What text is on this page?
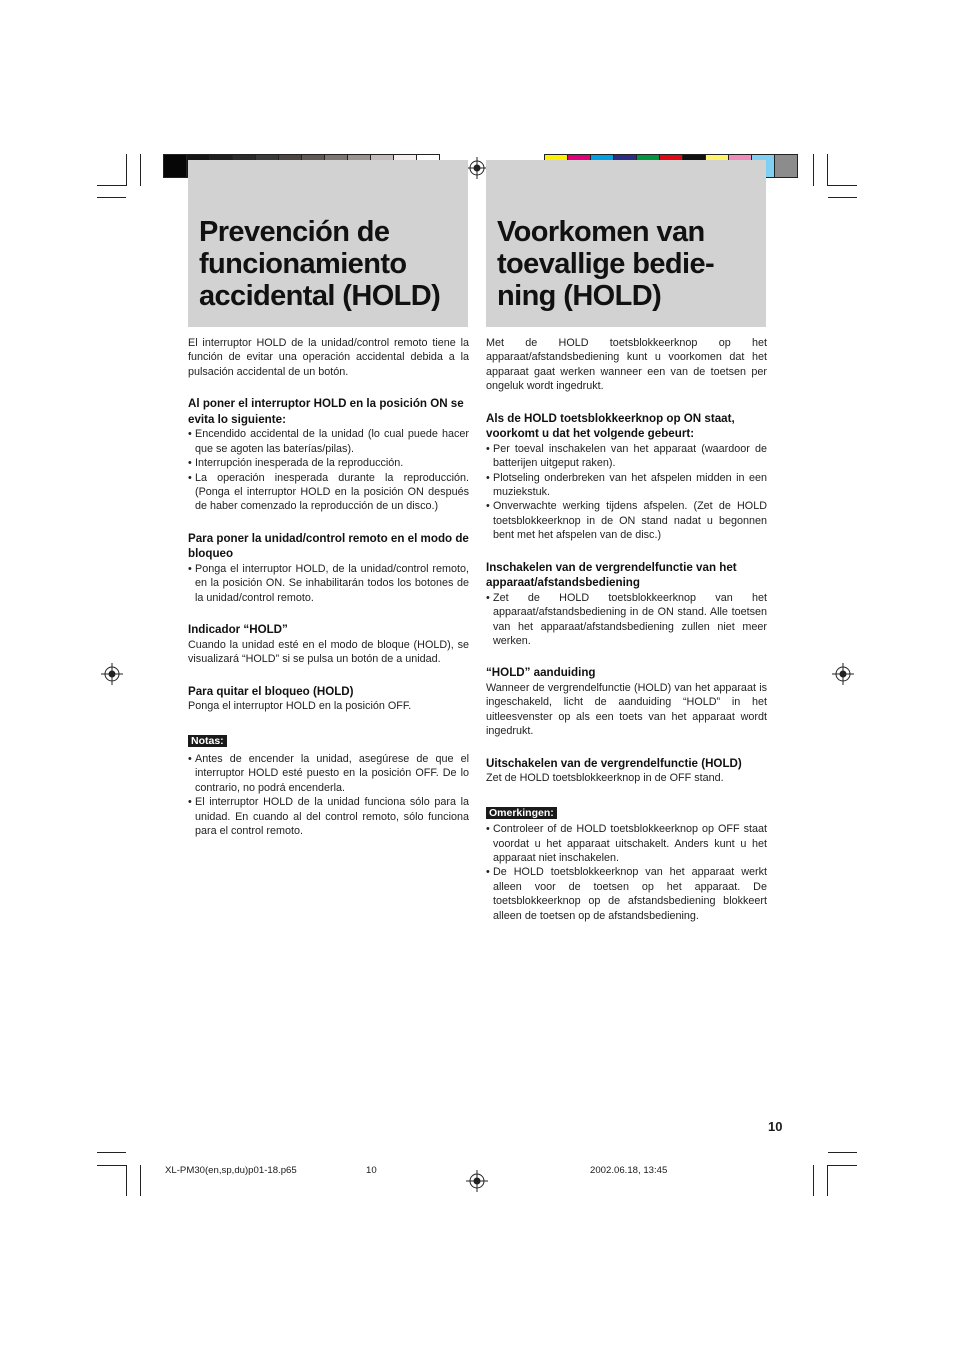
Prevención de
funcionamiento
accidental (HOLD)
Voorkomen van
toevallige bedie-
ning (HOLD)

El interruptor HOLD de la unidad/control remoto tiene la función de evitar una operación accidental debida a la pulsación accidental de un botón.

Al poner el interruptor HOLD en la posición ON se evita lo siguiente:
• Encendido accidental de la unidad (lo cual puede hacer que se agoten las baterías/pilas).
• Interrupción inesperada de la reproducción.
• La operación inesperada durante la reproducción. (Ponga el interruptor HOLD en la posición ON después de haber comenzado la reproducción de un disco.)
Para poner la unidad/control remoto en el modo de bloqueo
• Ponga el interruptor HOLD, de la unidad/control remoto, en la posición ON. Se inhabilitarán todos los botones de la unidad/control remoto.
Indicador “HOLD”

Cuando la unidad esté en el modo de bloque (HOLD), se visualizará “HOLD” si se pulsa un botón de a unidad.

Para quitar el bloqueo (HOLD)

Ponga el interruptor HOLD en la posición OFF.

Notas:
• Antes de encender la unidad, asegúrese de que el interruptor HOLD esté puesto en la posición OFF. De lo contrario, no podrá encenderla.
• El interruptor HOLD de la unidad funciona sólo para la unidad. En cuando al del control remoto, sólo funciona para el control remoto.

Met de HOLD toetsblokkeerknop op het apparaat/afstandsbediening kunt u voorkomen dat het apparaat gaat werken wanneer een van de toetsen per ongeluk wordt ingedrukt.

Als de HOLD toetsblokkeerknop op ON staat, voorkomt u dat het volgende gebeurt:
• Per toeval inschakelen van het apparaat (waardoor de batterijen uitgeput raken).
• Plotseling onderbreken van het afspelen midden in een muziekstuk.
• Onverwachte werking tijdens afspelen. (Zet de HOLD toetsblokkeerknop in de ON stand nadat u begonnen bent met het afspelen van de disc.)
Inschakelen van de vergrendelfunctie van het apparaat/afstandsbediening
• Zet de HOLD toetsblokkeerknop van het apparaat/afstandsbediening in de ON stand. Alle toetsen van het apparaat/afstandsbediening zullen niet meer werken.
“HOLD” aanduiding

Wanneer de vergrendelfunctie (HOLD) van het apparaat is ingeschakeld, licht de aanduiding “HOLD” in het uitleesvenster op als een toets van het apparaat wordt ingedrukt.

Uitschakelen van de vergrendelfunctie (HOLD)

Zet de HOLD toetsblokkeerknop in de OFF stand.

Omerkingen:
• Controleer of de HOLD toetsblokkeerknop op OFF staat voordat u het apparaat uitschakelt. Anders kunt u het apparaat niet inschakelen.
• De HOLD toetsblokkeerknop van het apparaat werkt alleen voor de toetsen op het apparaat. De toetsblokkeerknop op de afstandsbediening blokkeert alleen de toetsen op de afstandsbediening.
10
XL-PM30(en,sp,du)p01-18.p65	10	2002.06.18, 13:45
